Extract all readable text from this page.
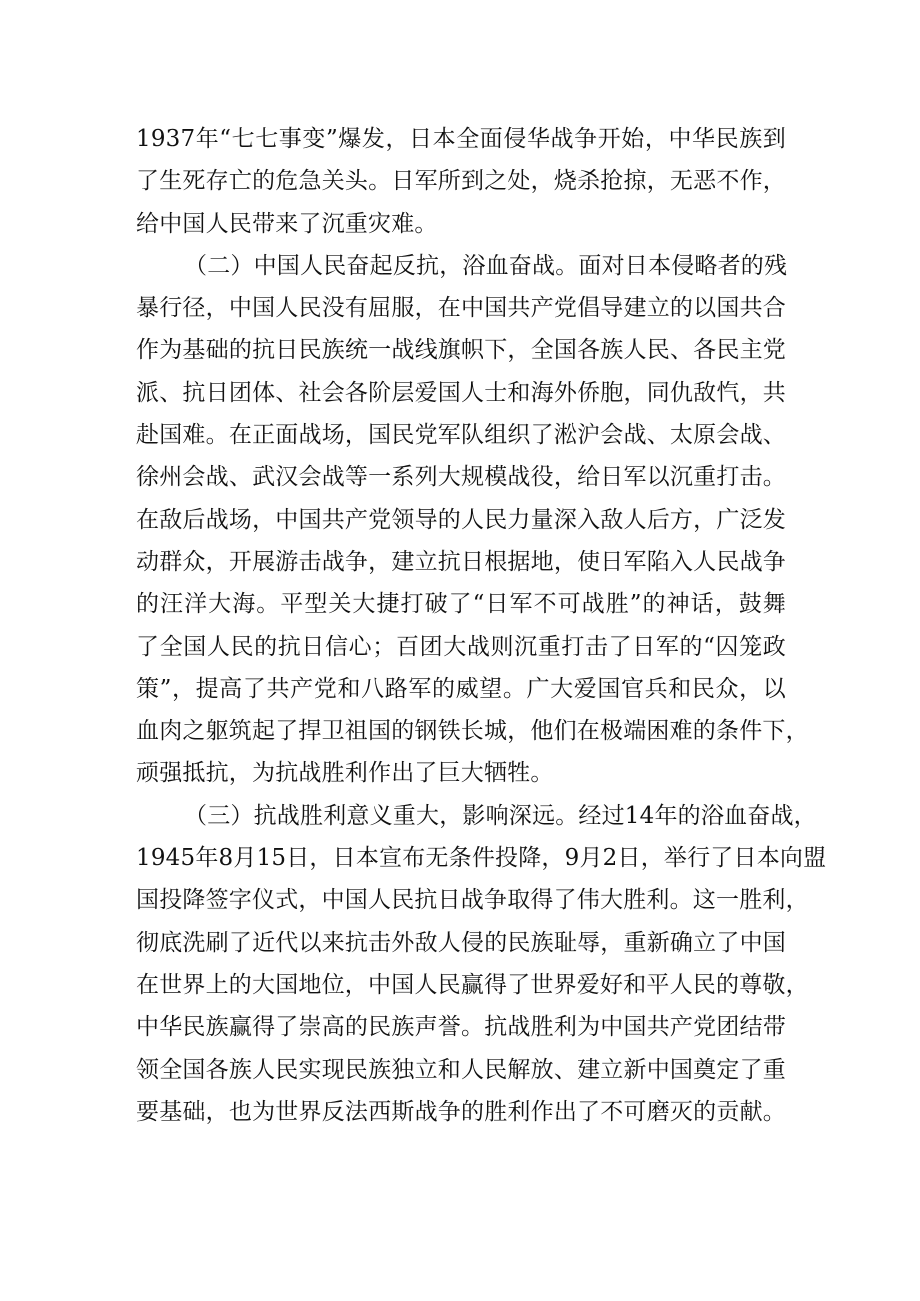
1937年“七七事变”爆发，日本全面侵华战争开始，中华民族到
了生死存亡的危急关头。日军所到之处，烧杀抢掠，无恶不作，
给中国人民带来了沉重灾难。
（二）中国人民奋起反抗，浴血奋战。面对日本侵略者的残
暴行径，中国人民没有屈服，在中国共产党倡导建立的以国共合
作为基础的抗日民族统一战线旗帜下，全国各族人民、各民主党
派、抗日团体、社会各阶层爱国人士和海外侨胞，同仇敌忾，共
赴国难。在正面战场，国民党军队组织了淞沪会战、太原会战、
徐州会战、武汉会战等一系列大规模战役，给日军以沉重打击。
在敌后战场，中国共产党领导的人民力量深入敌人后方，广泛发
动群众，开展游击战争，建立抗日根据地，使日军陷入人民战争
的汪洋大海。平型关大捷打破了“日军不可战胜”的神话，鼓舞
了全国人民的抗日信心；百团大战则沉重打击了日军的“囚笼政
策”，提高了共产党和八路军的威望。广大爱国官兵和民众，以
血肉之躯筑起了捍卫祖国的钢铁长城，他们在极端困难的条件下，
顽强抵抗，为抗战胜利作出了巨大牺牲。
（三）抗战胜利意义重大，影响深远。经过14年的浴血奋战，
1945年8月15日，日本宣布无条件投降，9月2日，举行了日本向盟
国投降签字仪式，中国人民抗日战争取得了伟大胜利。这一胜利，
彻底洗刷了近代以来抗击外敌人侵的民族耻辱，重新确立了中国
在世界上的大国地位，中国人民赢得了世界爱好和平人民的尊敬，
中华民族赢得了崇高的民族声誉。抗战胜利为中国共产党团结带
领全国各族人民实现民族独立和人民解放、建立新中国奠定了重
要基础，也为世界反法西斯战争的胜利作出了不可磨灭的贡献。
